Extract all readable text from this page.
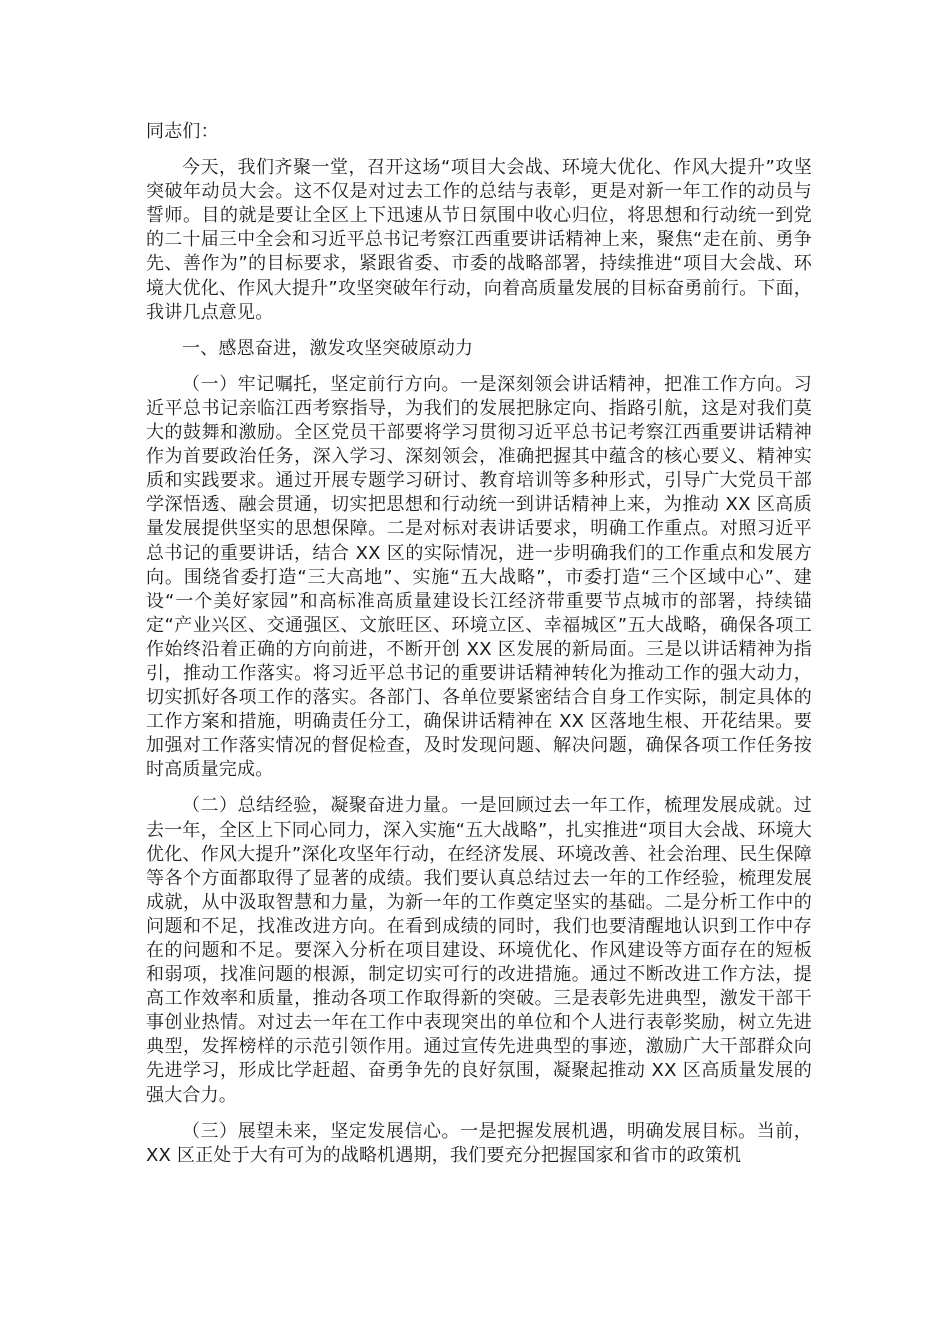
同志们：

今天，我们齐聚一堂，召开这场“项目大会战、环境大优化、作风大提升”攻坚突破年动员大会。这不仅是对过去工作的总结与表彰，更是对新一年工作的动员与誓师。目的就是要让全区上下迅速从节日氛围中收心归位，将思想和行动统一到党的二十届三中全会和习近平总书记考察江西重要讲话精神上来，聚焦“走在前、勇争先、善作为”的目标要求，紧跟省委、市委的战略部署，持续推进“项目大会战、环境大优化、作风大提升”攻坚突破年行动，向着高质量发展的目标奋勇前行。下面，我讲几点意见。

一、感恩奋进，激发攻坚突破原动力

（一）牢记嘱托，坚定前行方向。一是深刻领会讲话精神，把准工作方向。习近平总书记亲临江西考察指导，为我们的发展把脉定向、指路引航，这是对我们莫大的鼓舞和激励。全区党员干部要将学习贯彻习近平总书记考察江西重要讲话精神作为首要政治任务，深入学习、深刻领会，准确把握其中蕴含的核心要义、精神实质和实践要求。通过开展专题学习研讨、教育培训等多种形式，引导广大党员干部学深悟透、融会贯通，切实把思想和行动统一到讲话精神上来，为推动 XX 区高质量发展提供坚实的思想保障。二是对标对表讲话要求，明确工作重点。对照习近平总书记的重要讲话，结合 XX 区的实际情况，进一步明确我们的工作重点和发展方向。围绕省委打造“三大高地”、实施“五大战略”，市委打造“三个区域中心”、建设“一个美好家园”和高标准高质量建设长江经济带重要节点城市的部署，持续锚定“产业兴区、交通强区、文旅旺区、环境立区、幸福城区”五大战略，确保各项工作始终沿着正确的方向前进，不断开创 XX 区发展的新局面。三是以讲话精神为指引，推动工作落实。将习近平总书记的重要讲话精神转化为推动工作的强大动力，切实抓好各项工作的落实。各部门、各单位要紧密结合自身工作实际，制定具体的工作方案和措施，明确责任分工，确保讲话精神在 XX 区落地生根、开花结果。要加强对工作落实情况的督促检查，及时发现问题、解决问题，确保各项工作任务按时高质量完成。

（二）总结经验，凝聚奋进力量。一是回顾过去一年工作，梳理发展成就。过去一年，全区上下同心同力，深入实施“五大战略”，扎实推进“项目大会战、环境大优化、作风大提升”深化攻坚年行动，在经济发展、环境改善、社会治理、民生保障等各个方面都取得了显著的成绩。我们要认真总结过去一年的工作经验，梳理发展成就，从中汲取智慧和力量，为新一年的工作奠定坚实的基础。二是分析工作中的问题和不足，找准改进方向。在看到成绩的同时，我们也要清醒地认识到工作中存在的问题和不足。要深入分析在项目建设、环境优化、作风建设等方面存在的短板和弱项，找准问题的根源，制定切实可行的改进措施。通过不断改进工作方法，提高工作效率和质量，推动各项工作取得新的突破。三是表彰先进典型，激发干部干事创业热情。对过去一年在工作中表现突出的单位和个人进行表彰奖励，树立先进典型，发挥榜样的示范引领作用。通过宣传先进典型的事迹，激励广大干部群众向先进学习，形成比学赶超、奋勇争先的良好氛围，凝聚起推动 XX 区高质量发展的强大合力。

（三）展望未来，坚定发展信心。一是把握发展机遇，明确发展目标。当前，XX 区正处于大有可为的战略机遇期，我们要充分把握国家和省市的政策机
